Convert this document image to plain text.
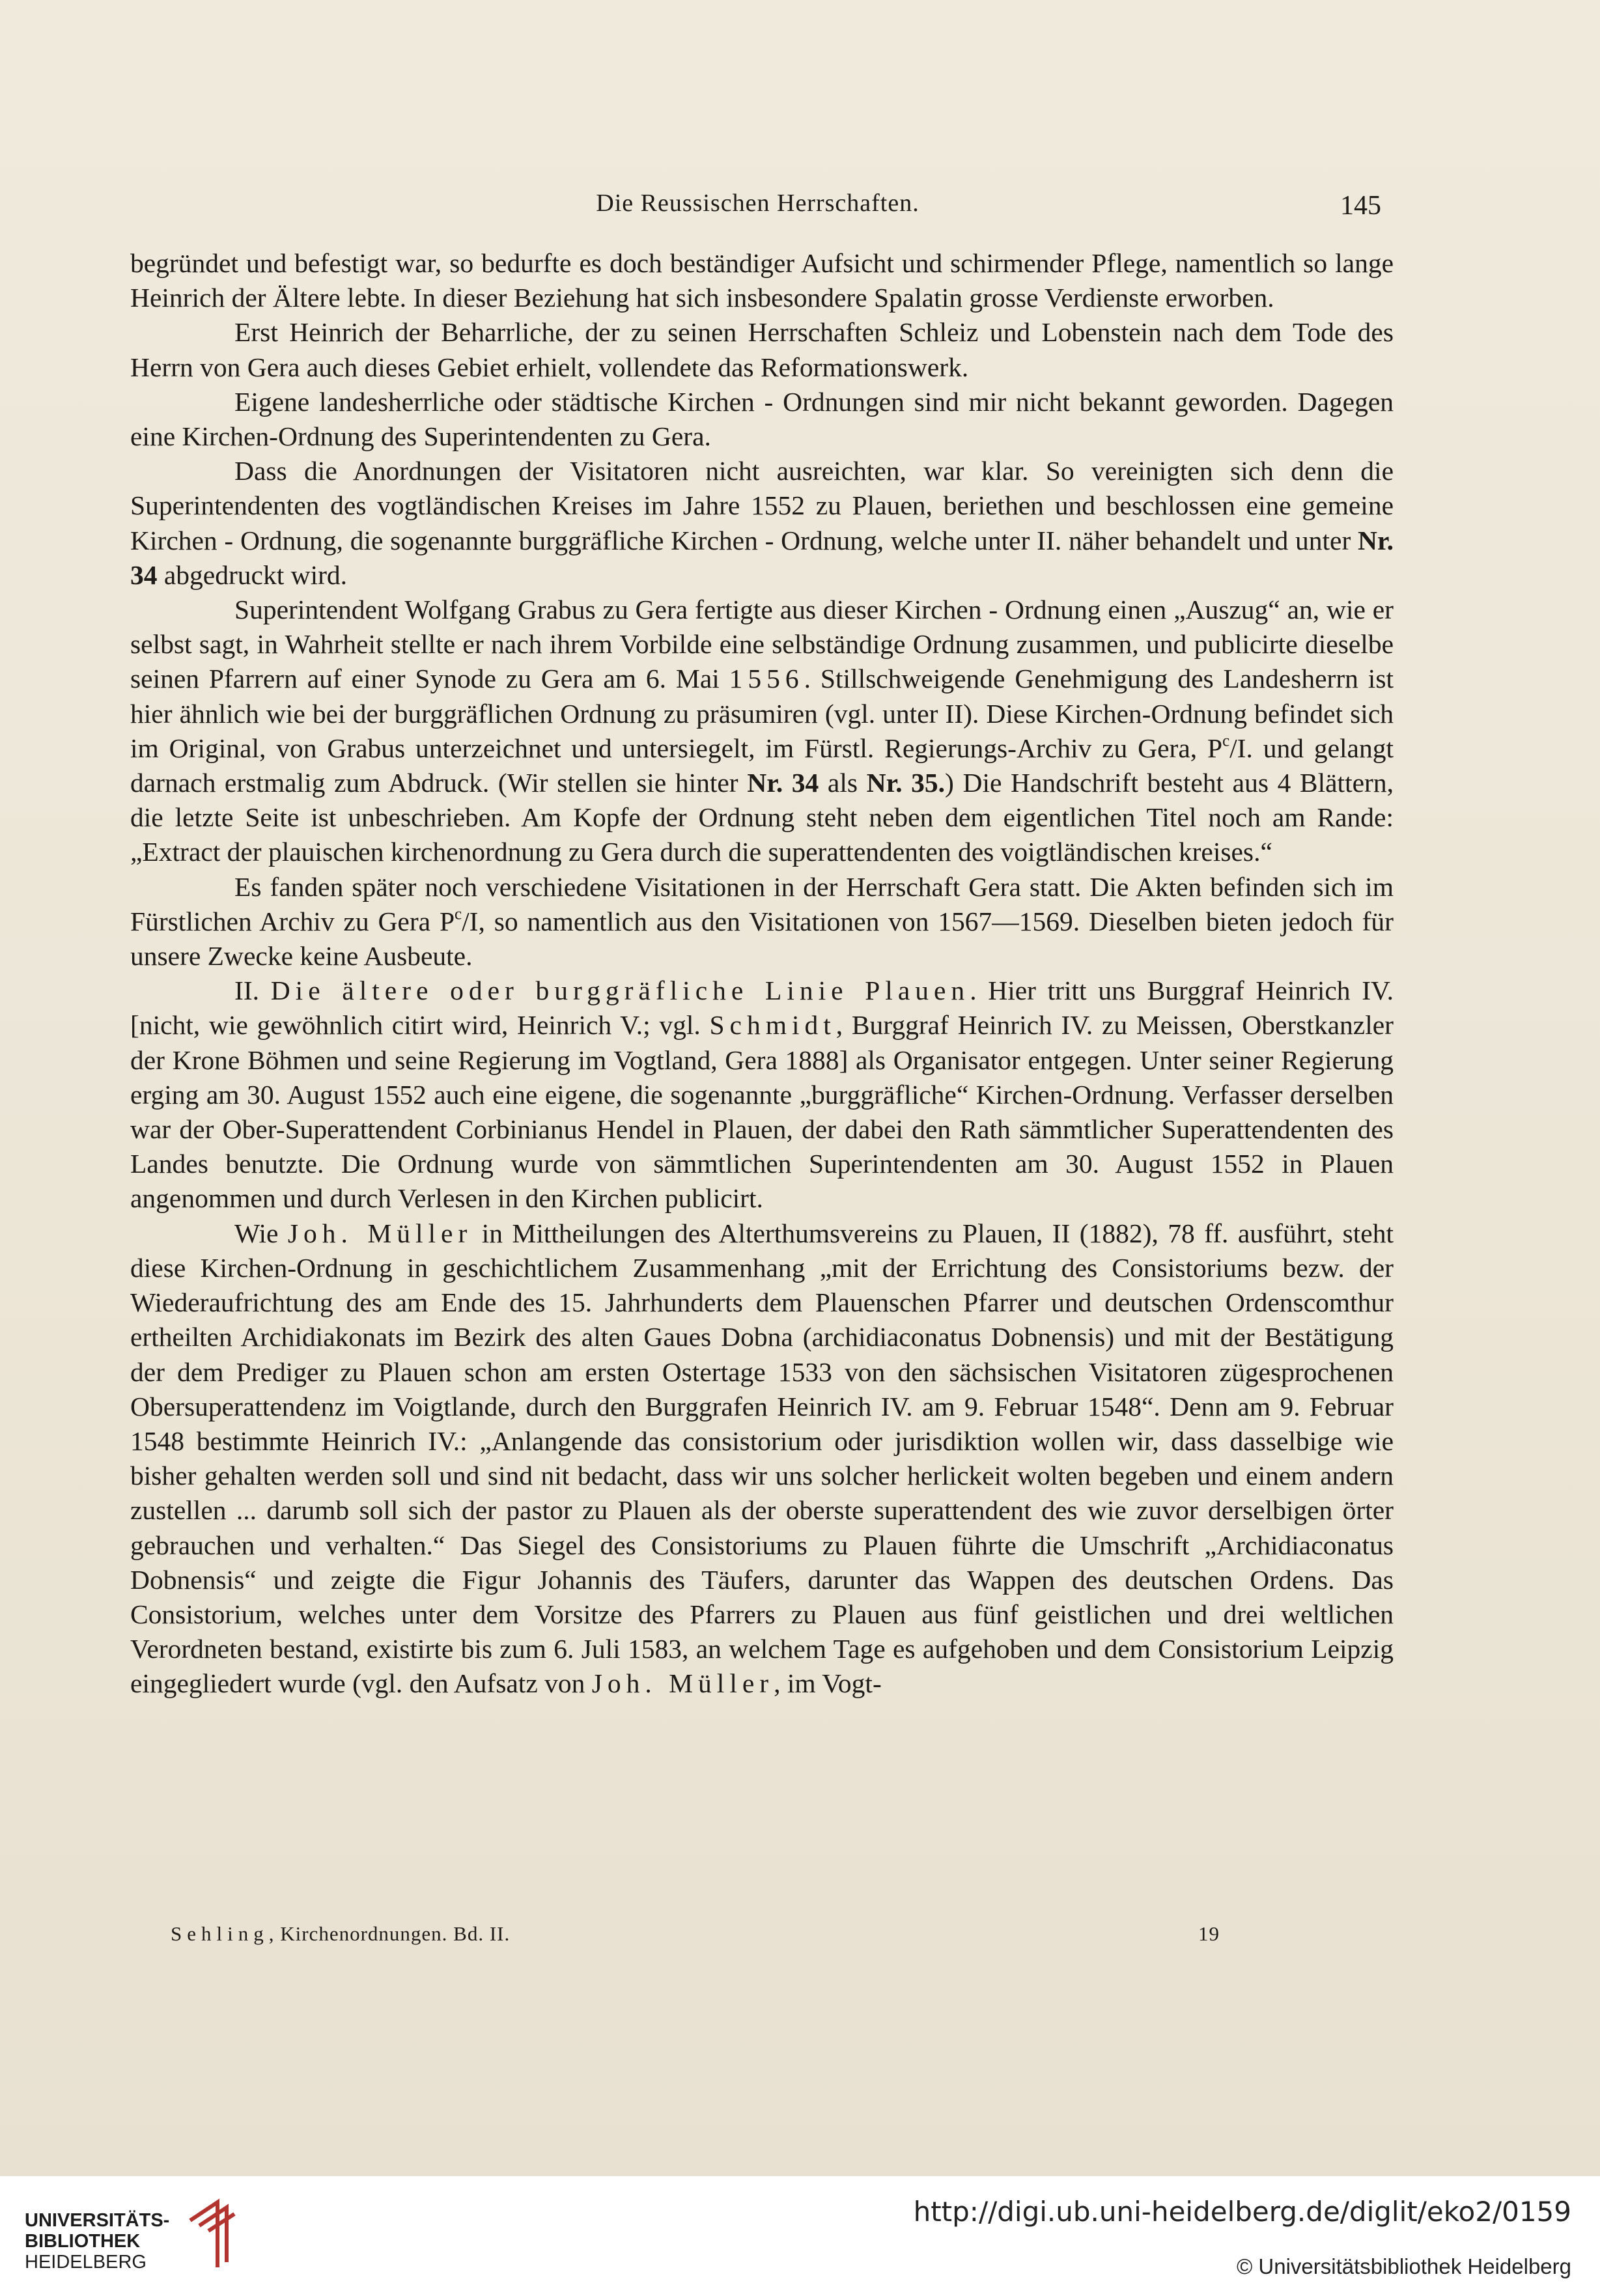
Die Reussischen Herrschaften.	145

begründet und befestigt war, so bedurfte es doch beständiger Aufsicht und schirmender Pflege, namentlich so lange Heinrich der Ältere lebte. In dieser Beziehung hat sich insbesondere Spalatin grosse Verdienste erworben.

Erst Heinrich der Beharrliche, der zu seinen Herrschaften Schleiz und Lobenstein nach dem Tode des Herrn von Gera auch dieses Gebiet erhielt, vollendete das Reformationswerk.

Eigene landesherrliche oder städtische Kirchen - Ordnungen sind mir nicht bekannt geworden. Dagegen eine Kirchen-Ordnung des Superintendenten zu Gera.

Dass die Anordnungen der Visitatoren nicht ausreichten, war klar. So vereinigten sich denn die Superintendenten des vogtländischen Kreises im Jahre 1552 zu Plauen, beriethen und beschlossen eine gemeine Kirchen - Ordnung, die sogenannte burggräfliche Kirchen - Ordnung, welche unter II. näher behandelt und unter Nr. 34 abgedruckt wird.

Superintendent Wolfgang Grabus zu Gera fertigte aus dieser Kirchen - Ordnung einen „Auszug“ an, wie er selbst sagt, in Wahrheit stellte er nach ihrem Vorbilde eine selbständige Ordnung zusammen, und publicirte dieselbe seinen Pfarrern auf einer Synode zu Gera am 6. Mai 1556. Stillschweigende Genehmigung des Landesherrn ist hier ähnlich wie bei der burggräflichen Ordnung zu präsumiren (vgl. unter II). Diese Kirchen-Ordnung befindet sich im Original, von Grabus unterzeichnet und untersiegelt, im Fürstl. Regierungs-Archiv zu Gera, $P^c/I$. und gelangt darnach erstmalig zum Abdruck. (Wir stellen sie hinter Nr. 34 als Nr. 35.) Die Handschrift besteht aus 4 Blättern, die letzte Seite ist unbeschrieben. Am Kopfe der Ordnung steht neben dem eigentlichen Titel noch am Rande: „Extract der plauischen kirchenordnung zu Gera durch die superattendenten des voigtländischen kreises.“

Es fanden später noch verschiedene Visitationen in der Herrschaft Gera statt. Die Akten befinden sich im Fürstlichen Archiv zu Gera $P^c/I$, so namentlich aus den Visitationen von 1567—1569. Dieselben bieten jedoch für unsere Zwecke keine Ausbeute.

II. Die ältere oder burggräfliche Linie Plauen. Hier tritt uns Burggraf Heinrich IV. [nicht, wie gewöhnlich citirt wird, Heinrich V.; vgl. Schmidt, Burggraf Heinrich IV. zu Meissen, Oberstkanzler der Krone Böhmen und seine Regierung im Vogtland, Gera 1888] als Organisator entgegen. Unter seiner Regierung erging am 30. August 1552 auch eine eigene, die sogenannte „burggräfliche“ Kirchen-Ordnung. Verfasser derselben war der Ober-Superattendent Corbinianus Hendel in Plauen, der dabei den Rath sämmtlicher Superattendenten des Landes benutzte. Die Ordnung wurde von sämmtlichen Superintendenten am 30. August 1552 in Plauen angenommen und durch Verlesen in den Kirchen publicirt.

Wie Joh. Müller in Mittheilungen des Alterthumsvereins zu Plauen, II (1882), 78 ff. ausführt, steht diese Kirchen-Ordnung in geschichtlichem Zusammenhang „mit der Errichtung des Consistoriums bezw. der Wiederaufrichtung des am Ende des 15. Jahrhunderts dem Plauenschen Pfarrer und deutschen Ordenscomthur ertheilten Archidiakonats im Bezirk des alten Gaues Dobna (archidiaconatus Dobnensis) und mit der Bestätigung der dem Prediger zu Plauen schon am ersten Ostertage 1533 von den sächsischen Visitatoren zügesprochenen Obersuperattendenz im Voigtlande, durch den Burggrafen Heinrich IV. am 9. Februar 1548“. Denn am 9. Februar 1548 bestimmte Heinrich IV.: „Anlangende das consistorium oder jurisdiktion wollen wir, dass dasselbige wie bisher gehalten werden soll und sind nit bedacht, dass wir uns solcher herlickeit wolten begeben und einem andern zustellen ... darumb soll sich der pastor zu Plauen als der oberste superattendent des wie zuvor derselbigen örter gebrauchen und verhalten.“ Das Siegel des Consistoriums zu Plauen führte die Umschrift „Archidiaconatus Dobnensis“ und zeigte die Figur Johannis des Täufers, darunter das Wappen des deutschen Ordens. Das Consistorium, welches unter dem Vorsitze des Pfarrers zu Plauen aus fünf geistlichen und drei weltlichen Verordneten bestand, existirte bis zum 6. Juli 1583, an welchem Tage es aufgehoben und dem Consistorium Leipzig eingegliedert wurde (vgl. den Aufsatz von Joh. Müller, im Vogt-

Sehling, Kirchenordnungen. Bd. II.	19
UNIVERSITÄTS-
BIBLIOTHEK
HEIDELBERG
http://digi.ub.uni-heidelberg.de/diglit/eko2/0159
© Universitätsbibliothek Heidelberg
